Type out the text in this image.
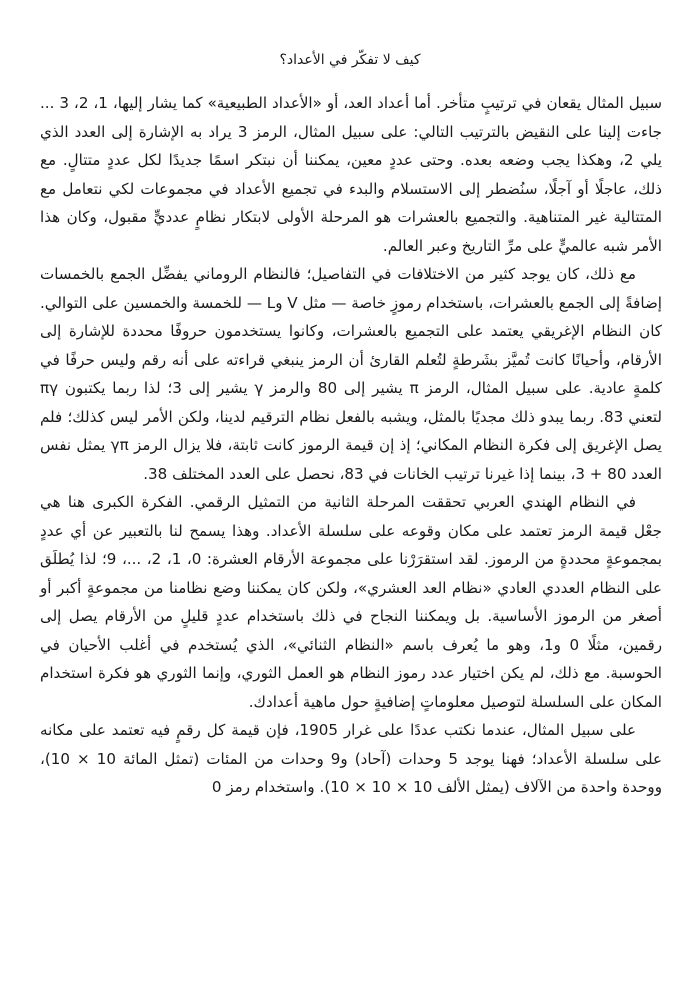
كيف لا تفكّر في الأعداد؟

سبيل المثال يقعان في ترتيبٍ متأخر. أما أعداد العد، أو «الأعداد الطبيعية» كما يشار إليها، 1، 2، 3 ... جاءت إلينا على النقيض بالترتيب التالي: على سبيل المثال، الرمز 3 يراد به الإشارة إلى العدد الذي يلي 2، وهكذا يجب وضعه بعده. وحتى عددٍ معين، يمكننا أن نبتكر اسمًا جديدًا لكل عددٍ متتالٍ. مع ذلك، عاجلًا أو آجلًا، سنُضطر إلى الاستسلام والبدء في تجميع الأعداد في مجموعات لكي نتعامل مع المتتالية غير المتناهية. والتجميع بالعشرات هو المرحلة الأولى لابتكار نظامٍ عدديٍّ مقبول، وكان هذا الأمر شبه عالميٍّ على مرِّ التاريخ وعبر العالم.

مع ذلك، كان يوجد كثير من الاختلافات في التفاصيل؛ فالنظام الروماني يفضِّل الجمع بالخمسات إضافةً إلى الجمع بالعشرات، باستخدام رموزٍ خاصة — مثل V وL — للخمسة والخمسين على التوالي. كان النظام الإغريقي يعتمد على التجميع بالعشرات، وكانوا يستخدمون حروفًا محددة للإشارة إلى الأرقام، وأحيانًا كانت تُميَّز بشَرطةٍ لتُعلم القارئ أن الرمز ينبغي قراءته على أنه رقم وليس حرفًا في كلمةٍ عادية. على سبيل المثال، الرمز π يشير إلى 80 والرمز γ يشير إلى 3؛ لذا ربما يكتبون πγ لتعني 83. ربما يبدو ذلك مجديًا بالمثل، ويشبه بالفعل نظام الترقيم لدينا، ولكن الأمر ليس كذلك؛ فلم يصل الإغريق إلى فكرة النظام المكاني؛ إذ إن قيمة الرموز كانت ثابتة، فلا يزال الرمز γπ يمثل نفس العدد 80 + 3، بينما إذا غيرنا ترتيب الخانات في 83، نحصل على العدد المختلف 38.

في النظام الهندي العربي تحققت المرحلة الثانية من التمثيل الرقمي. الفكرة الكبرى هنا هي جعْل قيمة الرمز تعتمد على مكان وقوعه على سلسلة الأعداد. وهذا يسمح لنا بالتعبير عن أي عددٍ بمجموعةٍ محددةٍ من الرموز. لقد استقرَرْنا على مجموعة الأرقام العشرة: 0، 1، 2، ...، 9؛ لذا يُطلَق على النظام العددي العادي «نظام العد العشري»، ولكن كان يمكننا وضع نظامنا من مجموعةٍ أكبر أو أصغر من الرموز الأساسية. بل ويمكننا النجاح في ذلك باستخدام عددٍ قليلٍ من الأرقام يصل إلى رقمين، مثلًا 0 و1، وهو ما يُعرف باسم «النظام الثنائي»، الذي يُستخدم في أغلب الأحيان في الحوسبة. مع ذلك، لم يكن اختيار عدد رموز النظام هو العمل الثوري، وإنما الثوري هو فكرة استخدام المكان على السلسلة لتوصيل معلوماتٍ إضافيةٍ حول ماهية أعدادك.

على سبيل المثال، عندما نكتب عددًا على غرار 1905، فإن قيمة كل رقمٍ فيه تعتمد على مكانه على سلسلة الأعداد؛ فهنا يوجد 5 وحدات (آحاد) و9 وحدات من المئات (تمثل المائة 10 × 10)، ووحدة واحدة من الآلاف (يمثل الألف 10 × 10 × 10). واستخدام رمز 0
